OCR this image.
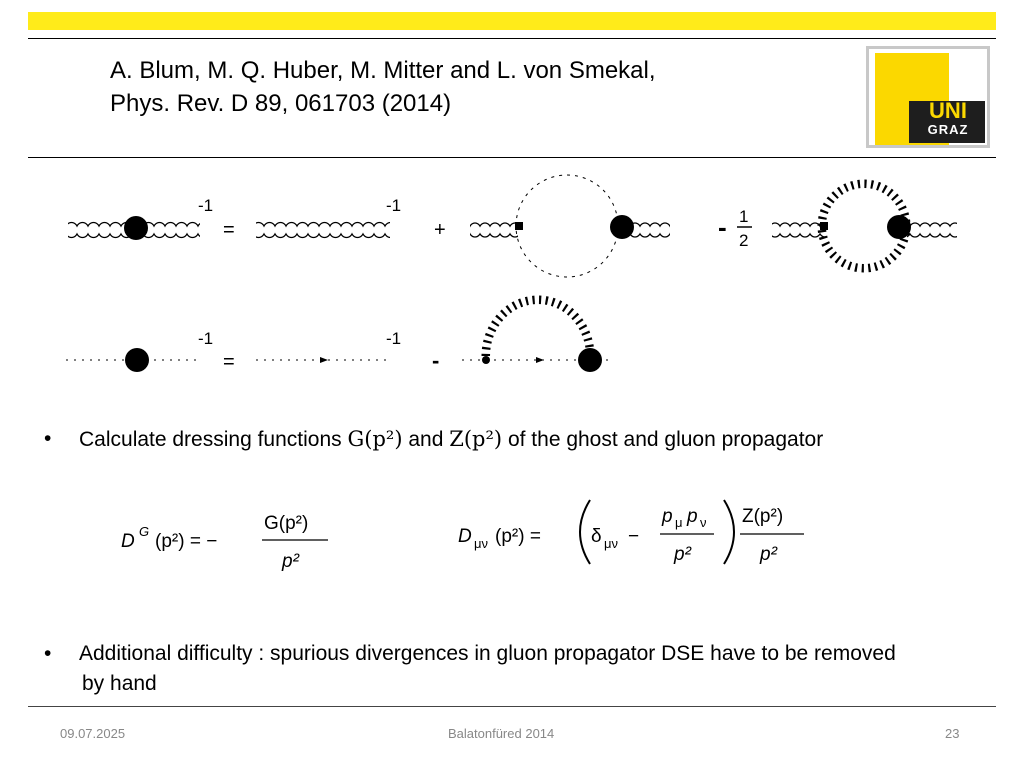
A. Blum, M. Q. Huber, M. Mitter and L. von Smekal,
Phys. Rev. D 89, 061703 (2014)	UNI
GRAZ
-1
=
-1
+	- 1
2
-1
=
-1
-
• Calculate dressing functions G(p²) and Z(p²) of the ghost and gluon propagator
D G (p²) = −
G(p²)
p²
D μν (p²) =	δ μν −
p μ p ν
p²
Z(p²)
p²
• Additional difficulty : spurious divergences in gluon propagator DSE have to be removed
by hand
09.07.2025	Balatonfüred 2014	23
